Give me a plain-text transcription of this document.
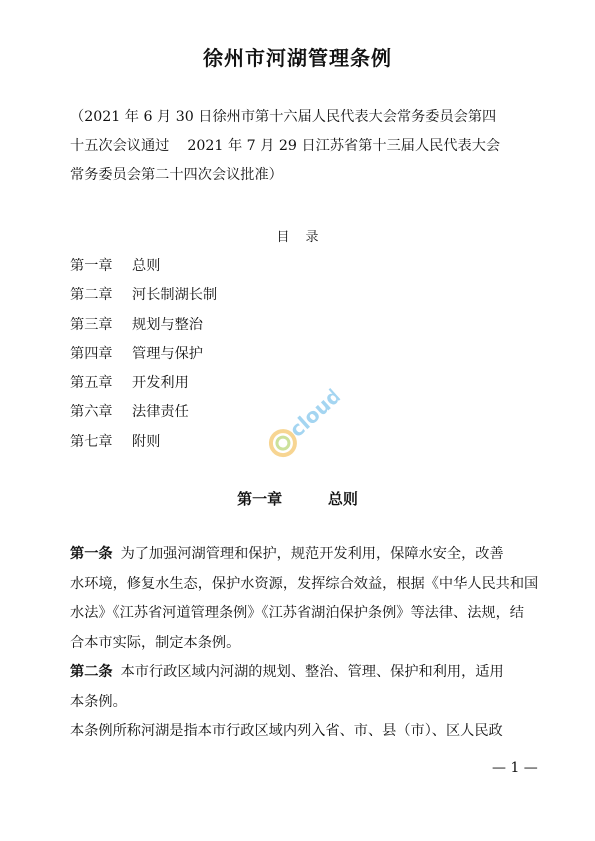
徐州市河湖管理条例
（2021 年 6 月 30 日徐州市第十六届人民代表大会常务委员会第四
十五次会议通过    2021 年 7 月 29 日江苏省第十三届人民代表大会
常务委员会第二十四次会议批准）
目录
第一章 总则
第二章 河长制湖长制
第三章 规划与整治
第四章 管理与保护
第五章 开发利用
第六章 法律责任
第七章 附则	cloud
第一章   总则
第一条 为了加强河湖管理和保护，规范开发利用，保障水安全，改善
水环境，修复水生态，保护水资源，发挥综合效益，根据《中华人民共和国
水法》《江苏省河道管理条例》《江苏省湖泊保护条例》等法律、法规，结
合本市实际，制定本条例。
第二条 本市行政区域内河湖的规划、整治、管理、保护和利用，适用
本条例。
本条例所称河湖是指本市行政区域内列入省、市、县（市）、区人民政
— 1 —
